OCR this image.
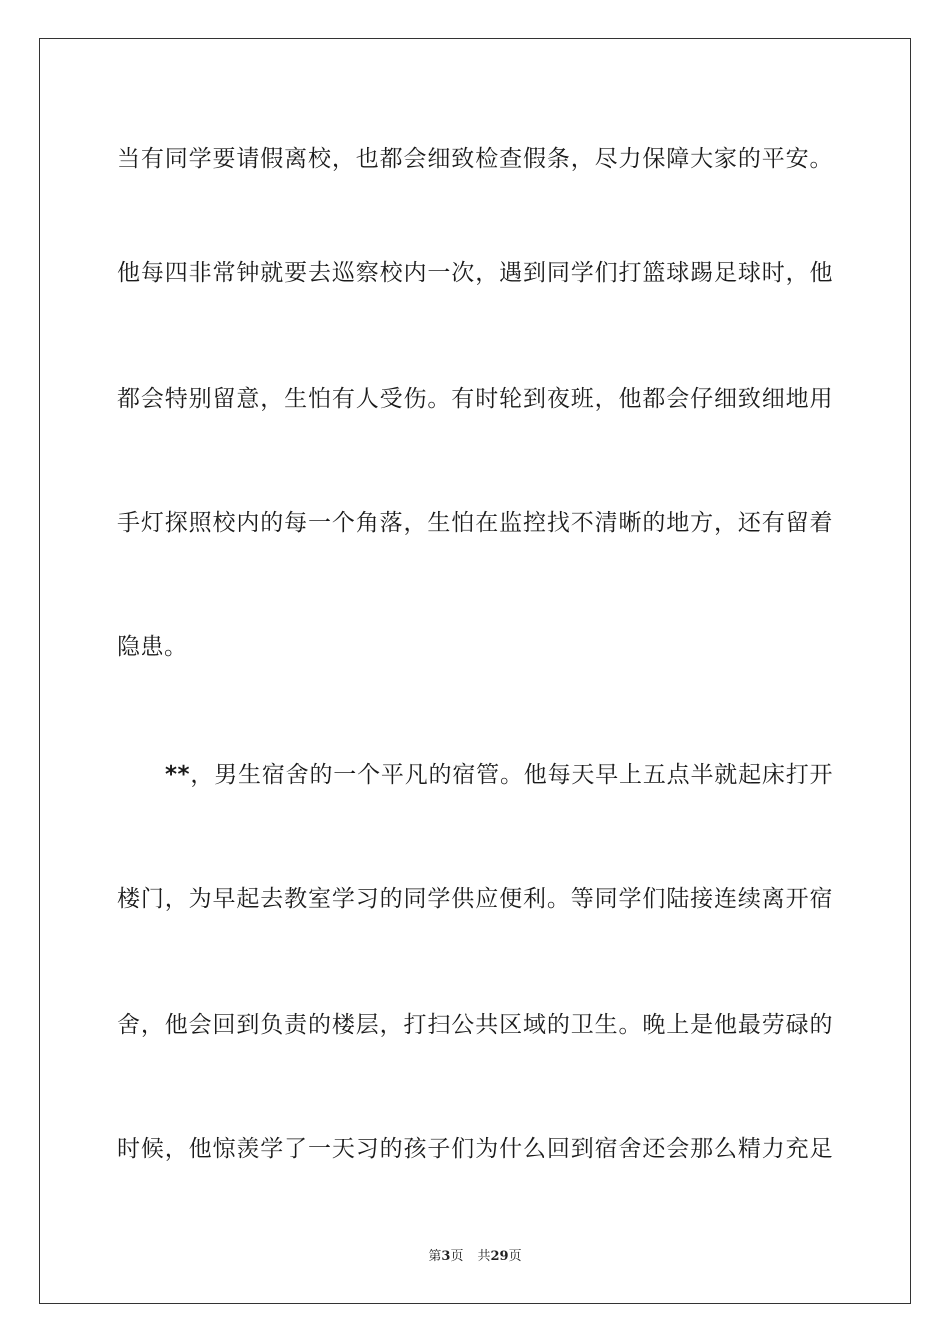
当有同学要请假离校，也都会细致检查假条，尽力保障大家的平安。
他每四非常钟就要去巡察校内一次，遇到同学们打篮球踢足球时，他
都会特别留意，生怕有人受伤。有时轮到夜班，他都会仔细致细地用
手灯探照校内的每一个角落，生怕在监控找不清晰的地方，还有留着
隐患。
**，男生宿舍的一个平凡的宿管。他每天早上五点半就起床打开
楼门，为早起去教室学习的同学供应便利。等同学们陆接连续离开宿
舍，他会回到负责的楼层，打扫公共区域的卫生。晚上是他最劳碌的
时候，他惊羡学了一天习的孩子们为什么回到宿舍还会那么精力充足
第3页 共29页
